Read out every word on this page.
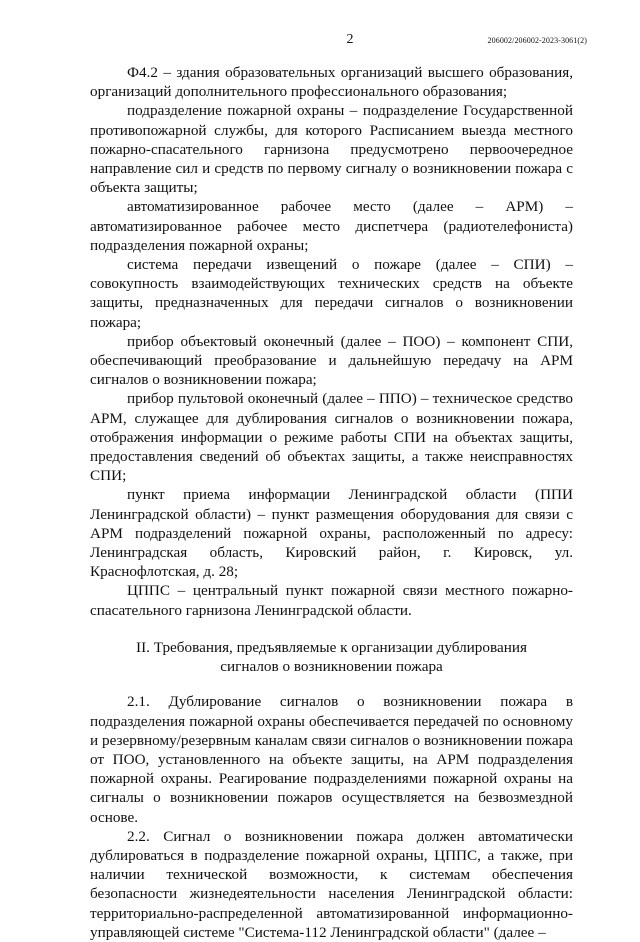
2	206002/206002-2023-3061(2)

Ф4.2 – здания образовательных организаций высшего образования, организаций дополнительного профессионального образования;

подразделение пожарной охраны – подразделение Государственной противопожарной службы, для которого Расписанием выезда местного пожарно-спасательного гарнизона предусмотрено первоочередное направление сил и средств по первому сигналу о возникновении пожара с объекта защиты;

автоматизированное рабочее место (далее – АРМ) – автоматизированное рабочее место диспетчера (радиотелефониста) подразделения пожарной охраны;

система передачи извещений о пожаре (далее – СПИ) – совокупность взаимодействующих технических средств на объекте защиты, предназначенных для передачи сигналов о возникновении пожара;

прибор объектовый оконечный (далее – ПОО) – компонент СПИ, обеспечивающий преобразование и дальнейшую передачу на АРМ сигналов о возникновении пожара;

прибор пультовой оконечный (далее – ППО) – техническое средство АРМ, служащее для дублирования сигналов о возникновении пожара, отображения информации о режиме работы СПИ на объектах защиты, предоставления сведений об объектах защиты, а также неисправностях СПИ;

пункт приема информации Ленинградской области (ППИ Ленинградской области) – пункт размещения оборудования для связи с АРМ подразделений пожарной охраны, расположенный по адресу: Ленинградская область, Кировский район, г. Кировск, ул. Краснофлотская, д. 28;

ЦППС – центральный пункт пожарной связи местного пожарно-спасательного гарнизона Ленинградской области.

II. Требования, предъявляемые к организации дублирования сигналов о возникновении пожара

2.1. Дублирование сигналов о возникновении пожара в подразделения пожарной охраны обеспечивается передачей по основному и резервному/резервным каналам связи сигналов о возникновении пожара от ПОО, установленного на объекте защиты, на АРМ подразделения пожарной охраны. Реагирование подразделениями пожарной охраны на сигналы о возникновении пожаров осуществляется на безвозмездной основе.

2.2. Сигнал о возникновении пожара должен автоматически дублироваться в подразделение пожарной охраны, ЦППС, а также, при наличии технической возможности, к системам обеспечения безопасности жизнедеятельности населения Ленинградской области: территориально-распределенной автоматизированной информационно-управляющей системе "Система-112 Ленинградской области" (далее –
